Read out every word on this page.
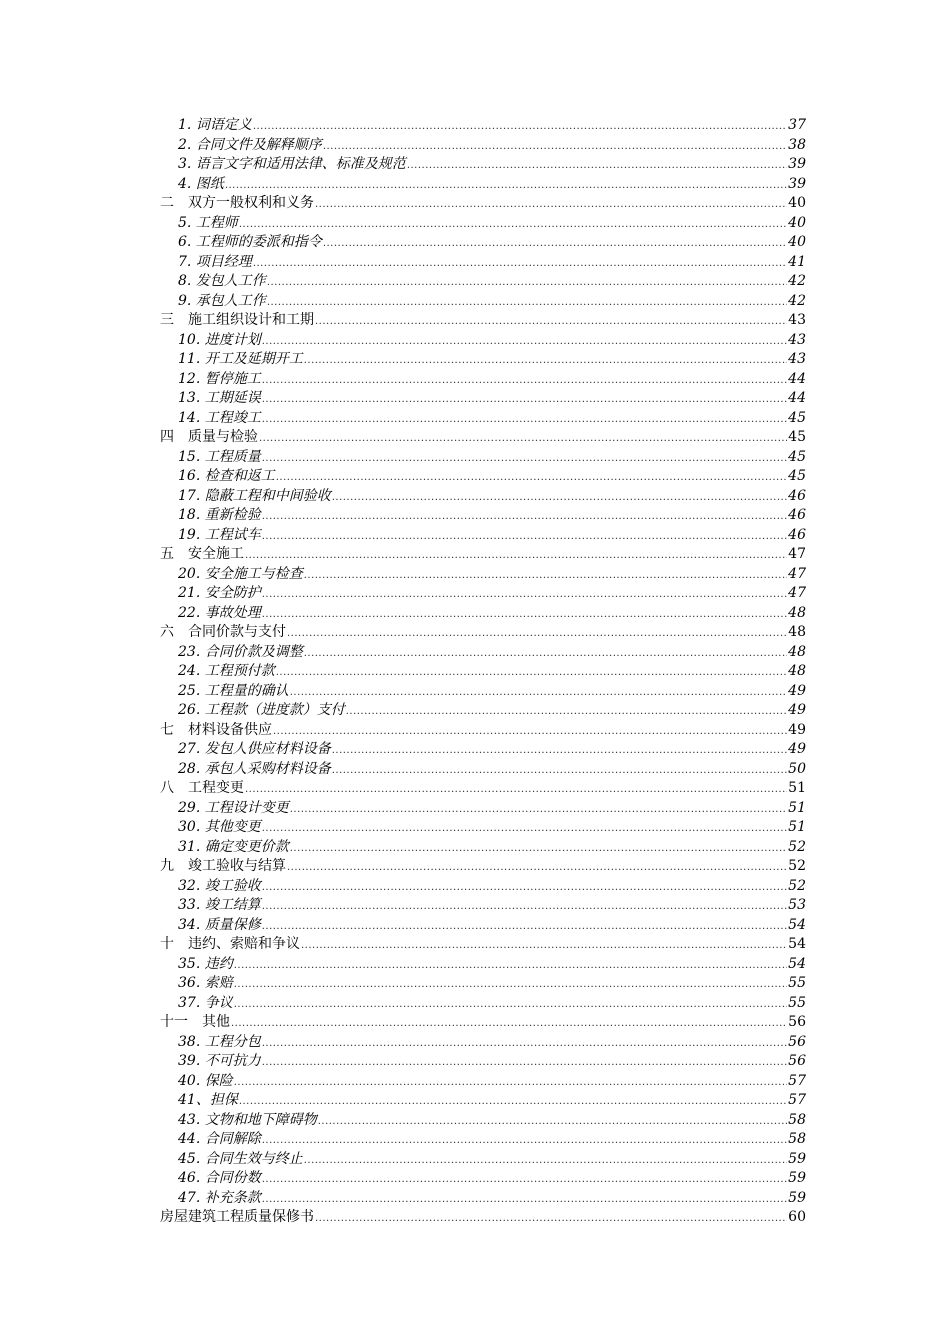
1. 词语定义 .....	37
2. 合同文件及解释顺序 .....	38
3. 语言文字和适用法律、标准及规范 .....	39
4. 图纸 .....	39
二　双方一般权利和义务 .....	40
5. 工程师 .....	40
6. 工程师的委派和指令 .....	40
7. 项目经理 .....	41
8. 发包人工作 .....	42
9. 承包人工作 .....	42
三　施工组织设计和工期 .....	43
10. 进度计划 .....	43
11. 开工及延期开工 .....	43
12. 暂停施工 .....	44
13. 工期延误 .....	44
14. 工程竣工 .....	45
四　质量与检验 .....	45
15. 工程质量 .....	45
16. 检查和返工 .....	45
17. 隐蔽工程和中间验收 .....	46
18. 重新检验 .....	46
19. 工程试车 .....	46
五　安全施工 .....	47
20. 安全施工与检查 .....	47
21. 安全防护 .....	47
22. 事故处理 .....	48
六　合同价款与支付 .....	48
23. 合同价款及调整 .....	48
24. 工程预付款 .....	48
25. 工程量的确认 .....	49
26. 工程款（进度款）支付 .....	49
七　材料设备供应 .....	49
27. 发包人供应材料设备 .....	49
28. 承包人采购材料设备 .....	50
八　工程变更 .....	51
29. 工程设计变更 .....	51
30. 其他变更 .....	51
31. 确定变更价款 .....	52
九　竣工验收与结算 .....	52
32. 竣工验收 .....	52
33. 竣工结算 .....	53
34. 质量保修 .....	54
十　违约、索赔和争议 .....	54
35. 违约 .....	54
36. 索赔 .....	55
37. 争议 .....	55
十一　其他 .....	56
38. 工程分包 .....	56
39. 不可抗力 .....	56
40. 保险 .....	57
41、担保 .....	57
43. 文物和地下障碍物 .....	58
44. 合同解除 .....	58
45. 合同生效与终止 .....	59
46. 合同份数 .....	59
47. 补充条款 .....	59
房屋建筑工程质量保修书 .....	60
